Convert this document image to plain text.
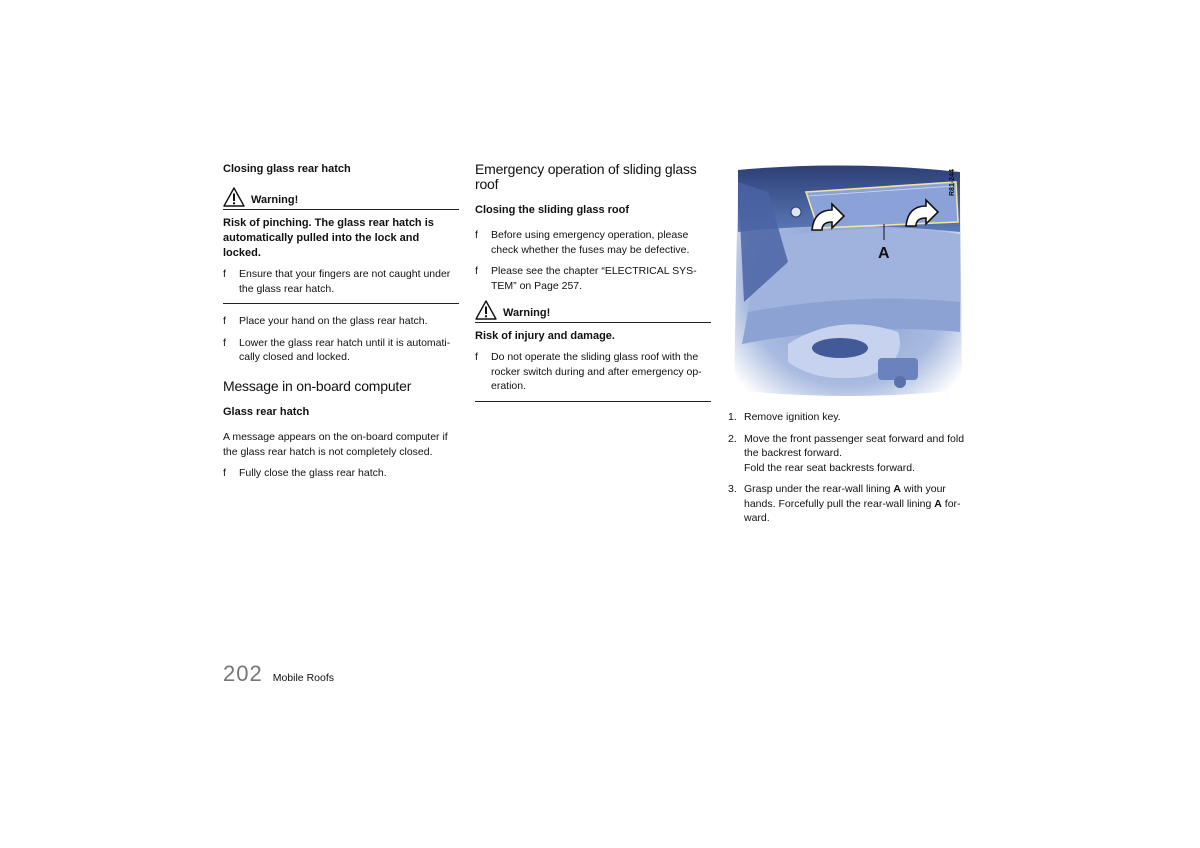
Closing glass rear hatch
Warning!
Risk of pinching. The glass rear hatch is automatically pulled into the lock and locked.
f	Ensure that your fingers are not caught under the glass rear hatch.
f	Place your hand on the glass rear hatch.
f	Lower the glass rear hatch until it is automati-cally closed and locked.
Message in on-board computer
Glass rear hatch
A message appears on the on-board computer if the glass rear hatch is not completely closed.
f	Fully close the glass rear hatch.
Emergency operation of sliding glass roof
Closing the sliding glass roof
f	Before using emergency operation, please check whether the fuses may be defective.
f	Please see the chapter “ELECTRICAL SYS-TEM” on Page 257.
Warning!
Risk of injury and damage.
f	Do not operate the sliding glass roof with the rocker switch during and after emergency op-eration.
A
R81-244
1. Remove ignition key.
2. Move the front passenger seat forward and fold the backrest forward.
Fold the rear seat backrests forward.
3. Grasp under the rear-wall lining A with your hands. Forcefully pull the rear-wall lining A for-ward.
202 Mobile Roofs
